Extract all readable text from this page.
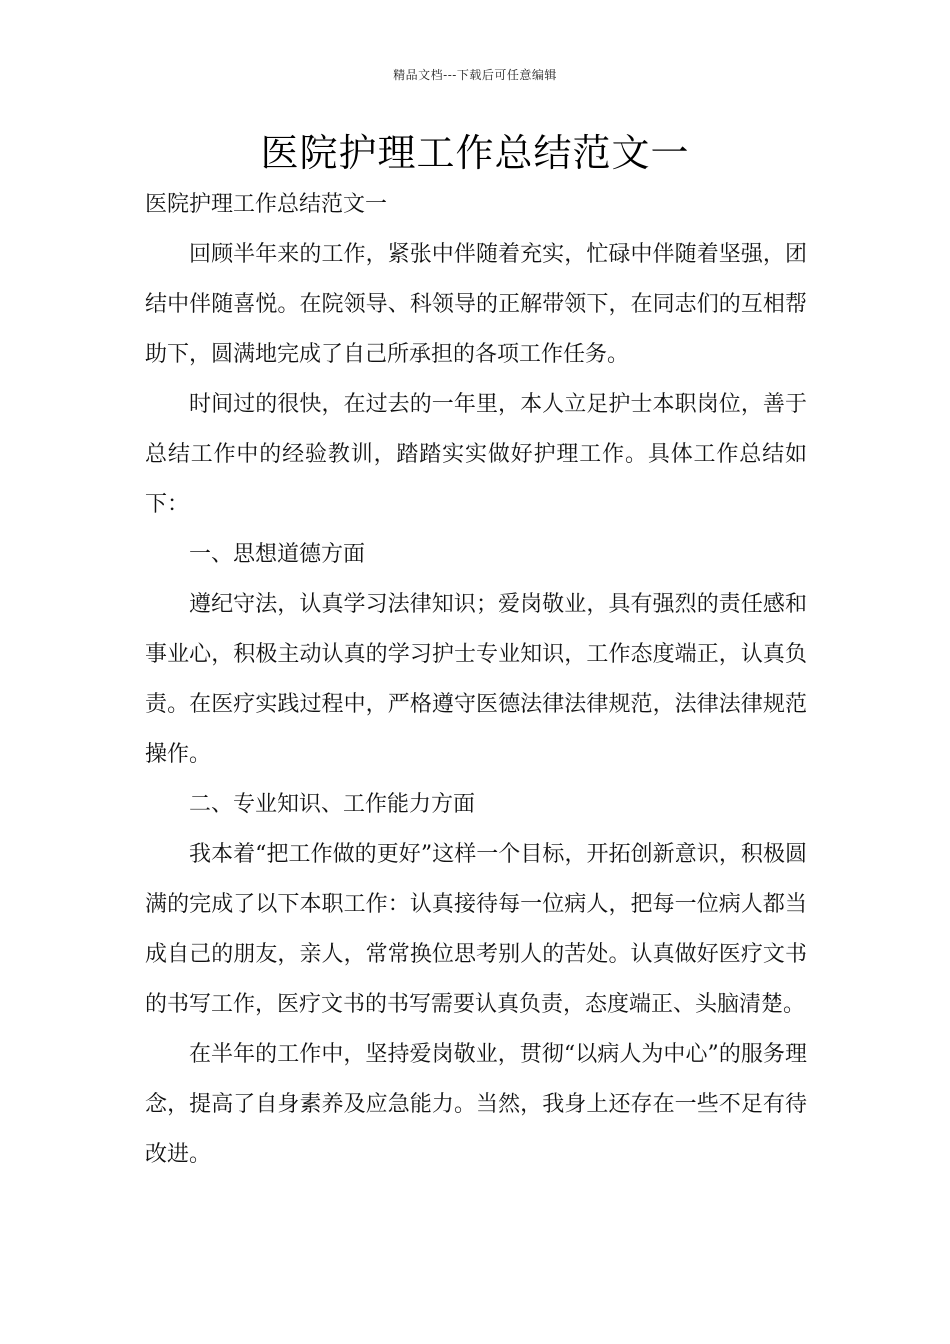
精品文档---下载后可任意编辑
医院护理工作总结范文一

医院护理工作总结范文一

回顾半年来的工作，紧张中伴随着充实，忙碌中伴随着坚强，团结中伴随喜悦。在院领导、科领导的正解带领下，在同志们的互相帮助下，圆满地完成了自己所承担的各项工作任务。

时间过的很快，在过去的一年里，本人立足护士本职岗位，善于总结工作中的经验教训，踏踏实实做好护理工作。具体工作总结如下：

一、思想道德方面

遵纪守法，认真学习法律知识；爱岗敬业，具有强烈的责任感和事业心，积极主动认真的学习护士专业知识，工作态度端正，认真负责。在医疗实践过程中，严格遵守医德法律法律规范，法律法律规范操作。

二、专业知识、工作能力方面

我本着“把工作做的更好”这样一个目标，开拓创新意识，积极圆满的完成了以下本职工作：认真接待每一位病人，把每一位病人都当成自己的朋友，亲人，常常换位思考别人的苦处。认真做好医疗文书的书写工作，医疗文书的书写需要认真负责，态度端正、头脑清楚。

在半年的工作中，坚持爱岗敬业，贯彻“以病人为中心”的服务理念，提高了自身素养及应急能力。当然，我身上还存在一些不足有待改进。
